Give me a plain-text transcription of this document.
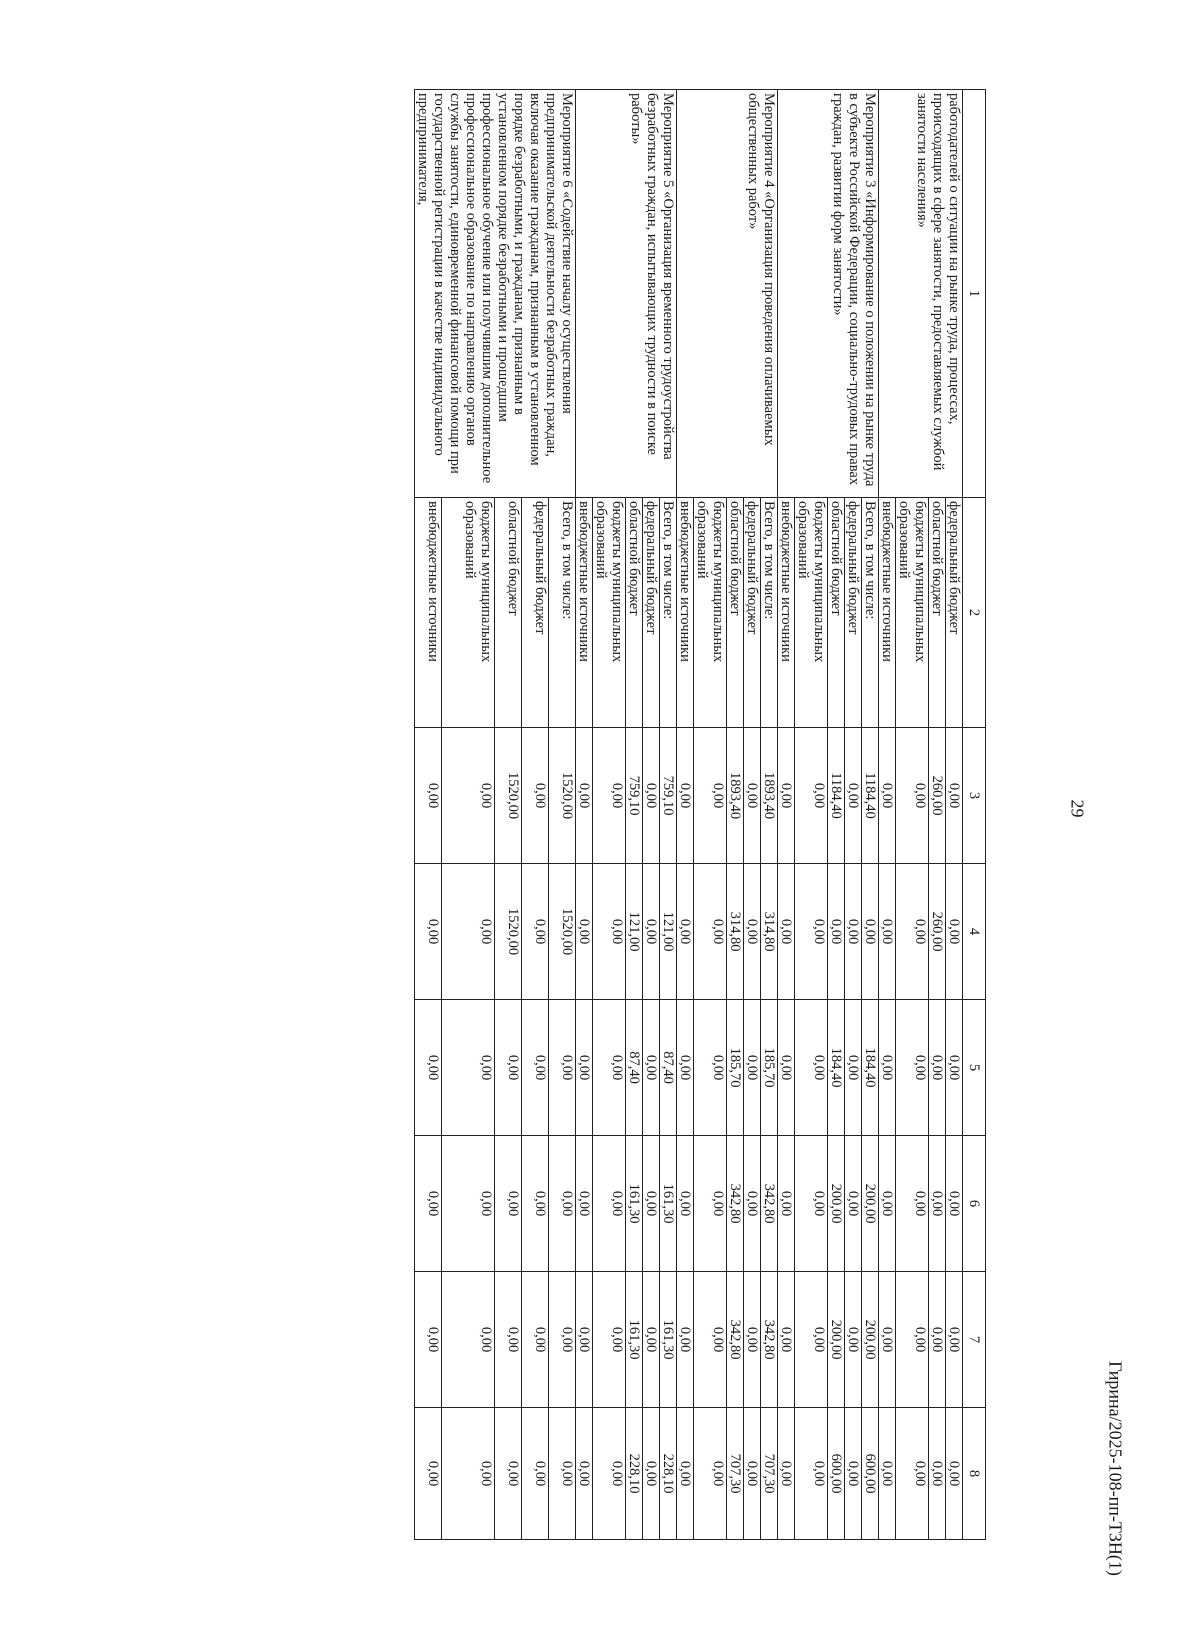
29
Гирина/2025-108-пп-ТЗН(1)
1	2	3	4	5	6	7	8
работодателей о ситуации на рынке труда, процессах, происходящих в сфере занятости, предоставляемых службой занятости населения»	федеральный бюджет	0,00	0,00	0,00	0,00	0,00	0,00
	областной бюджет	260,00	260,00	0,00	0,00	0,00	0,00
	бюджеты муниципальных образований	0,00	0,00	0,00	0,00	0,00	0,00
	внебюджетные источники	0,00	0,00	0,00	0,00	0,00	0,00
Мероприятие 3 «Информирование о положении на рынке труда в субъекте Российской Федерации, социально-трудовых правах граждан, развитии форм занятости»	Всего, в том числе:	1184,40	0,00	184,40	200,00	200,00	600,00
	федеральный бюджет	0,00	0,00	0,00	0,00	0,00	0,00
	областной бюджет	1184,40	0,00	184,40	200,00	200,00	600,00
	бюджеты муниципальных образований	0,00	0,00	0,00	0,00	0,00	0,00
	внебюджетные источники	0,00	0,00	0,00	0,00	0,00	0,00
Мероприятие 4 «Организация проведения оплачиваемых общественных работ»	Всего, в том числе:	1893,40	314,80	185,70	342,80	342,80	707,30
	федеральный бюджет	0,00	0,00	0,00	0,00	0,00	0,00
	областной бюджет	1893,40	314,80	185,70	342,80	342,80	707,30
	бюджеты муниципальных образований	0,00	0,00	0,00	0,00	0,00	0,00
	внебюджетные источники	0,00	0,00	0,00	0,00	0,00	0,00
Мероприятие 5 «Организация временного трудоустройства безработных граждан, испытывающих трудности в поиске работы»	Всего, в том числе:	759,10	121,00	87,40	161,30	161,30	228,10
	федеральный бюджет	0,00	0,00	0,00	0,00	0,00	0,00
	областной бюджет	759,10	121,00	87,40	161,30	161,30	228,10
	бюджеты муниципальных образований	0,00	0,00	0,00	0,00	0,00	0,00
	внебюджетные источники	0,00	0,00	0,00	0,00	0,00	0,00
Мероприятие 6 «Содействие началу осуществления предпринимательской деятельности безработных граждан, включая оказание гражданам, признанным в установленном порядке безработными, и гражданам, признанным в установленном порядке безработными и прошедшим профессиональное обучение или получившим дополнительное профессиональное образование по направлению органов службы занятости, единовременной финансовой помощи при государственной регистрации в качестве индивидуального предпринимателя,	Всего, в том числе:	1520,00	1520,00	0,00	0,00	0,00	0,00
	федеральный бюджет	0,00	0,00	0,00	0,00	0,00	0,00
	областной бюджет	1520,00	1520,00	0,00	0,00	0,00	0,00
	бюджеты муниципальных образований	0,00	0,00	0,00	0,00	0,00	0,00
	внебюджетные источники	0,00	0,00	0,00	0,00	0,00	0,00
